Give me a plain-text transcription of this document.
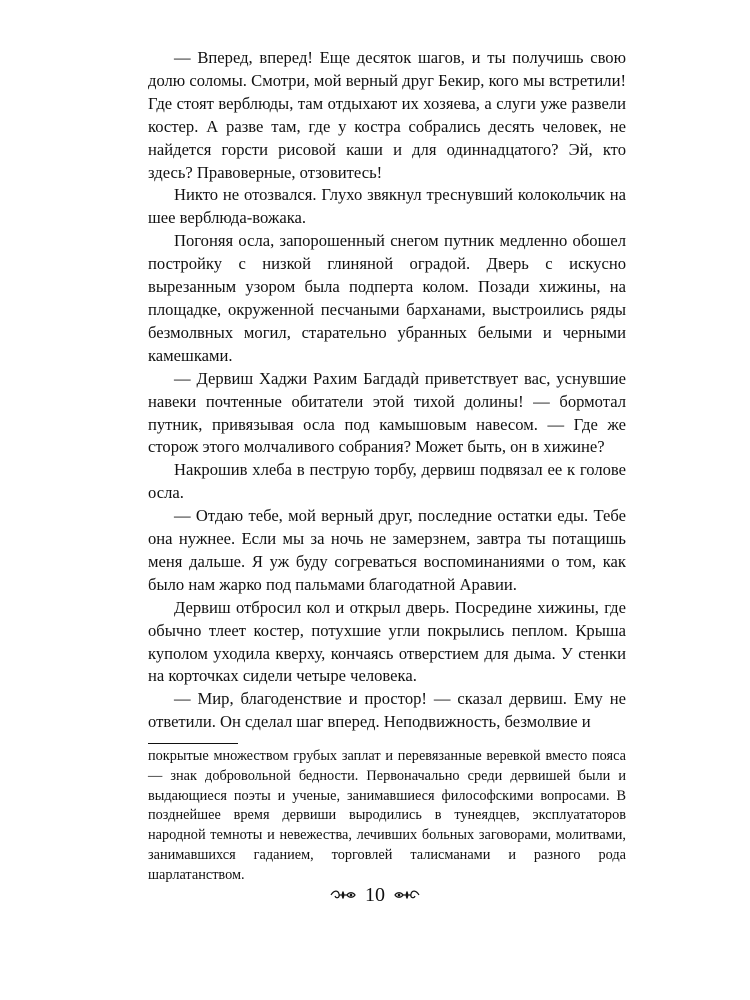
— Вперед, вперед! Еще десяток шагов, и ты получишь свою долю соломы. Смотри, мой верный друг Бекир, кого мы встретили! Где стоят верблюды, там отдыхают их хозяева, а слуги уже развели костер. А разве там, где у костра собрались десять человек, не найдется горсти рисовой каши и для одиннадцатого? Эй, кто здесь? Правоверные, отзовитесь!

Никто не отозвался. Глухо звякнул треснувший колокольчик на шее верблюда-вожака.

Погоняя осла, запорошенный снегом путник медленно обошел постройку с низкой глиняной оградой. Дверь с искусно вырезанным узором была подперта колом. Позади хижины, на площадке, окруженной песчаными барханами, выстроились ряды безмолвных могил, старательно убранных белыми и черными камешками.

— Дервиш Хаджи Рахим Багдадѝ приветствует вас, уснувшие навеки почтенные обитатели этой тихой долины! — бормотал путник, привязывая осла под камышовым навесом. — Где же сторож этого молчаливого собрания? Может быть, он в хижине?

Накрошив хлеба в пеструю торбу, дервиш подвязал ее к голове осла.

— Отдаю тебе, мой верный друг, последние остатки еды. Тебе она нужнее. Если мы за ночь не замерзнем, завтра ты потащишь меня дальше. Я уж буду согреваться воспоминаниями о том, как было нам жарко под пальмами благодатной Аравии.

Дервиш отбросил кол и открыл дверь. Посредине хижины, где обычно тлеет костер, потухшие угли покрылись пеплом. Крыша куполом уходила кверху, кончаясь отверстием для дыма. У стенки на корточках сидели четыре человека.

— Мир, благоденствие и простор! — сказал дервиш. Ему не ответили. Он сделал шаг вперед. Неподвижность, безмолвие и

покрытые множеством грубых заплат и перевязанные веревкой вместо пояса — знак добровольной бедности. Первоначально среди дервишей были и выдающиеся поэты и ученые, занимавшиеся философскими вопросами. В позднейшее время дервиши выродились в тунеядцев, эксплуататоров народной темноты и невежества, лечивших больных заговорами, молитвами, занимавшихся гаданием, торговлей талисманами и разного рода шарлатанством.

10
